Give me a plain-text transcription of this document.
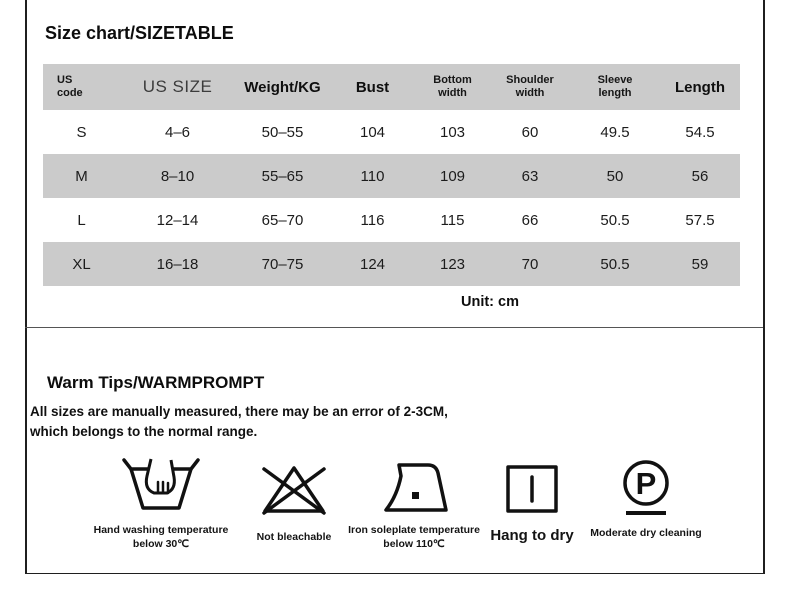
Size chart/SIZETABLE
US code	US SIZE	Weight/KG	Bust	Bottom width	Shoulder width	Sleeve length	Length
S	4–6	50–55	104	103	60	49.5	54.5
M	8–10	55–65	110	109	63	50	56
L	12–14	65–70	116	115	66	50.5	57.5
XL	16–18	70–75	124	123	70	50.5	59
Unit: cm
Warm Tips/WARMPROMPT

All sizes are manually measured, there may be an error of 2-3CM,
which belongs to the normal range.

Hand washing temperature
below 30℃
Not bleachable
Iron soleplate temperature
below 110℃	Hang to dry
P
Moderate dry cleaning
